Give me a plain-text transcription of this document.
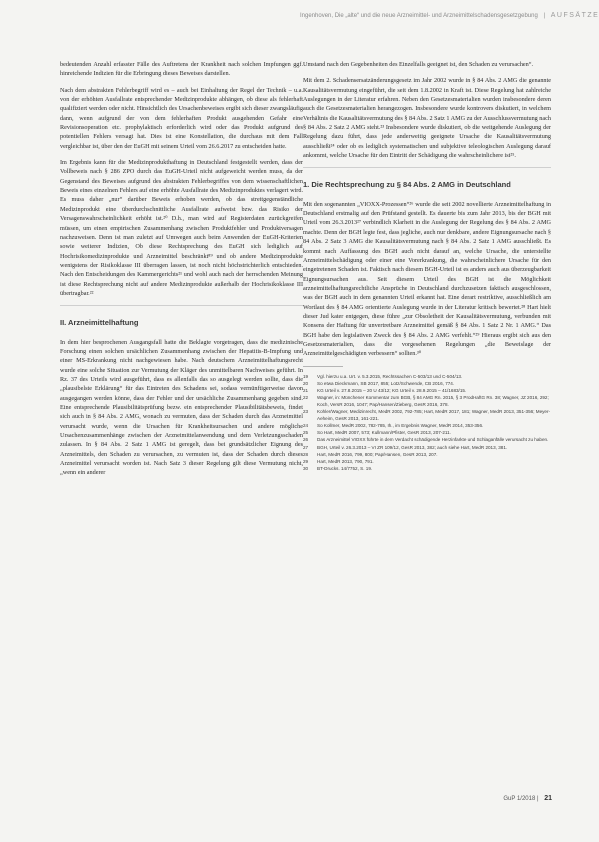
Ingenhoven, Die „alte“ und die neue Arzneimittel- und Arzneimittelschadensgesetzgebung | AUFSÄTZE

bedeutenden Anzahl erfasster Fälle des Auftretens der Krankheit nach solchen Impfungen ggf. hinreichende Indizien für die Erbringung dieses Beweises darstellen.

Nach dem abstrakten Fehlerbegriff wird es – auch bei Einhaltung der Regel der Technik – u.a. von der erhöhten Ausfallrate entsprechender Medizinprodukte abhängen, ob diese als fehlerhaft qualifiziert werden oder nicht. Hinsichtlich des Ursachenbeweises ergibt sich dieser zwangsläufig dann, wenn aufgrund der von dem fehlerhaften Produkt ausgehenden Gefahr eine Revisionsoperation etc. prophylaktisch erforderlich wird oder das Produkt aufgrund des potentiellen Fehlers versagt hat. Dies ist eine Konstellation, die durchaus mit dem Fall vergleichbar ist, über den der EuGH mit seinem Urteil vom 26.6.2017 zu entscheiden hatte.

Im Ergebnis kann für die Medizinprodukthaftung in Deutschland festgestellt werden, dass der Vollbeweis nach § 286 ZPO durch das EuGH-Urteil nicht aufgeweicht werden muss, da der Gegenstand des Beweises aufgrund des abstrakten Fehlerbegriffes von dem wissenschaftlichen Beweis eines einzelnen Fehlers auf eine erhöhte Ausfallrate des Medizinproduktes verlagert wird. Es muss daher „nur“ darüber Beweis erhoben werden, ob das streitgegenständliche Medizinprodukt eine überdurchschnittliche Ausfallrate aufweist bzw. das Risiko der Versagenswahrscheinlichkeit erhöht ist.²⁰ D.h., man wird auf Registerdaten zurückgreifen müssen, um einen empirischen Zusammenhang zwischen Produktfehler und Produktversagen nachzuweisen. Denn ist man zuletzt auf Umwegen auch beim Anwenden der EuGH-Kriterien sowie weiterer Indizien, Ob diese Rechtsprechung des EuGH sich lediglich auf Hochrisikomedizinprodukte und Arzneimittel beschränkt⁸⁹ und ob andere Medizinprodukte wenigstens der Risikoklasse III überragen lassen, ist noch nicht höchstrichterlich entschieden. Nach den Entscheidungen des Kammergerichts²¹ und wohl auch nach der herrschenden Meinung ist diese Rechtsprechung nicht auf andere Medizinprodukte außerhalb der Hochrisikoklasse III übertragbar.²²

II. Arzneimittelhaftung

In dem hier besprochenen Ausgangsfall hatte die Beklagte vorgetragen, dass die medizinische Forschung einen solchen ursächlichen Zusammenhang zwischen der Hepatitis-B-Impfung und einer MS-Erkrankung nicht nachgewiesen habe. Nach deutschem Arzneimittelhaftungsrecht wurde eine solche Situation zur Vermutung der Kläger des unmittelbaren Nachweises geführt. In Rz. 37 des Urteils wird ausgeführt, dass es allenfalls das so ausgelegt werden sollte, dass die „plausibelste Erklärung“ für das Eintreten des Schadens sei, sodass vernünftigerweise davon ausgegangen werden könne, dass der Fehler und der ursächliche Zusammenhang gegeben sind. Eine entsprechende Plausibilitätsprüfung bezw. ein entsprechender Plausibilitätsbeweis, findet sich auch in § 84 Abs. 2 AMG, wonach zu vermuten, dass der Schaden durch das Arzneimittel verursacht wurde, wenn die Ursachen für Krankheitsursachen und andere mögliche Ursachenzusammenhänge zwischen der Arzneimittelanwendung und dem Verletzungsschaden zulassen. In § 84 Abs. 2 Satz 1 AMG ist geregelt, dass bei grundsätzlicher Eignung des Arzneimittels, den Schaden zu verursachen, zu vermuten ist, dass der Schaden durch dieses Arzneimittel verursacht worden ist. Nach Satz 3 dieser Regelung gilt diese Vermutung nicht, „wenn ein anderer

Umstand nach den Gegebenheiten des Einzelfalls geeignet ist, den Schaden zu verursachen“.

Mit dem 2. Schadensersatzänderungsgesetz im Jahr 2002 wurde in § 84 Abs. 2 AMG die genannte Kausalitätsvermutung eingeführt, die seit dem 1.8.2002 in Kraft ist. Diese Regelung hat zahlreiche Auslegungen in der Literatur erfahren. Neben den Gesetzesmaterialien wurden insbesondere deren auch die Gesetzesmaterialien herangezogen. Insbesondere wurde kontrovers diskutiert, in welchem Verhältnis die Kausalitätsvermutung des § 84 Abs. 2 Satz 1 AMG zu der Ausschlussvermutung nach § 84 Abs. 2 Satz 2 AMG steht.²³ Insbesondere wurde diskutiert, ob die weitgehende Auslegung der Regelung dazu führt, dass jede anderweitig geeignete Ursache die Kausalitätsvermutung ausschließt²⁴ oder ob es lediglich systematischen und subjektive teleologischen Auslegung darauf ankommt, welche Ursache für den Eintritt der Schädigung die wahrscheinlichere ist²⁵.

1. Die Rechtsprechung zu § 84 Abs. 2 AMG in Deutschland

Mit den sogenannten „VIOXX-Prozessen“²⁶ wurde die seit 2002 novellierte Arzneimittelhaftung in Deutschland erstmalig auf den Prüfstand gestellt. Es dauerte bis zum Jahr 2013, bis der BGH mit Urteil vom 26.3.2013²⁷ verbindlich Klarheit in die Auslegung der Regelung des § 84 Abs. 2 AMG machte. Denn der BGH legte fest, dass jegliche, auch nur denkbare, andere Eignungsursache nach § 84 Abs. 2 Satz 3 AMG die Kausalitätsvermutung nach § 84 Abs. 2 Satz 1 AMG ausschließt. Es kommt nach Auffassung des BGH auch nicht darauf an, welche Ursache, die unterstellte Arzneimittelschädigung oder einer eine Vorerkrankung, die wahrscheinlichere Ursache für den eingetretenen Schaden ist. Faktisch nach diesem BGH-Urteil ist es anders auch aus überzeugbarkeit Eignungsursachen aus. Seit diesem Urteil des BGH ist die Möglichkeit arzneimittelhaftungsrechtliche Ansprüche in Deutschland durchzusetzen faktisch ausgeschlossen, was der BGH auch in dem genannten Urteil erkannt hat. Eine derart restriktive, ausschließlich am Wortlaut des § 84 AMG orientierte Auslegung wurde in der Literatur kritisch bewertet.²⁸ Hart hielt dieser Jud kater entgegen, diese führe „zur Obsoletheit der Kausalitätsvermutung, verbunden mit Konsens der Haftung für unvertretbare Arzneimittel gemäß § 84 Abs. 1 Satz 2 Nr. 1 AMG.“ Das BGH habe den legislativen Zweck des § 84 Abs. 2 AMG verfehlt.“²⁹ Hieraus ergibt sich aus den Gesetzesmaterialien, dass die vorgesehenen Regelungen „die Beweislage der Arzneimittelgeschädigten verbessern“ sollten.³⁰

19	Vgl. hierzu u.a. Urt. v. 5.3.2015, Rechtssachen C-503/13 und C-504/13.
20	So etwa Dieckmann, SB 2017, 855; Lotz/Schwende, CB 2016, 774.
21	KG Urteil v. 27.8.2015 – 20 U 43/12; KG Urteil v. 28.9.2015 – 41/1683/15.
22	Wagner, in: Münchener Kommentar zum BGB, § 84 AMG Rn. 2015, § 3 ProdHaftG Rn. 38; Wagner, JZ 2016, 292; Koch, VersR 2016, 1047; Pap/Hansen/Zieberg, GesR 2016, 378.
23	Kohler/Wagner, Medizinrecht, MedR 2002, 792-785; Hart, MedR 2017, 181; Wagner, MedR 2013, 351-356; Meyer-Aeheim, GesR 2013, 161-221.
24	So Kollmer, MedR 2002, 782-785, Ih., im Ergebnis Wagner, MedR 2014, 353-356.
25	So Hart, MedR 2007, 573; Kullmann/Pfister, GesR 2013, 207-211.
26	Das Arzneimittel VIOXX führte in dem Verdacht schädigende Herzinfarkte und Schlaganfälle verursacht zu haben.
27	BGH, Urteil v. 26.3.2013 – VI ZR 109/12, GesR 2013, 382; auch siehe Hart, MedR 2013, 381.
28	Hart, MedR 2016, 799, 800; Pap/Hansen, GesR 2013, 207.
29	Hart, MedR 2013, 790, 791.
30	BT-Drucks. 14/7752, S. 19.
GuP 1/2018 | 21
